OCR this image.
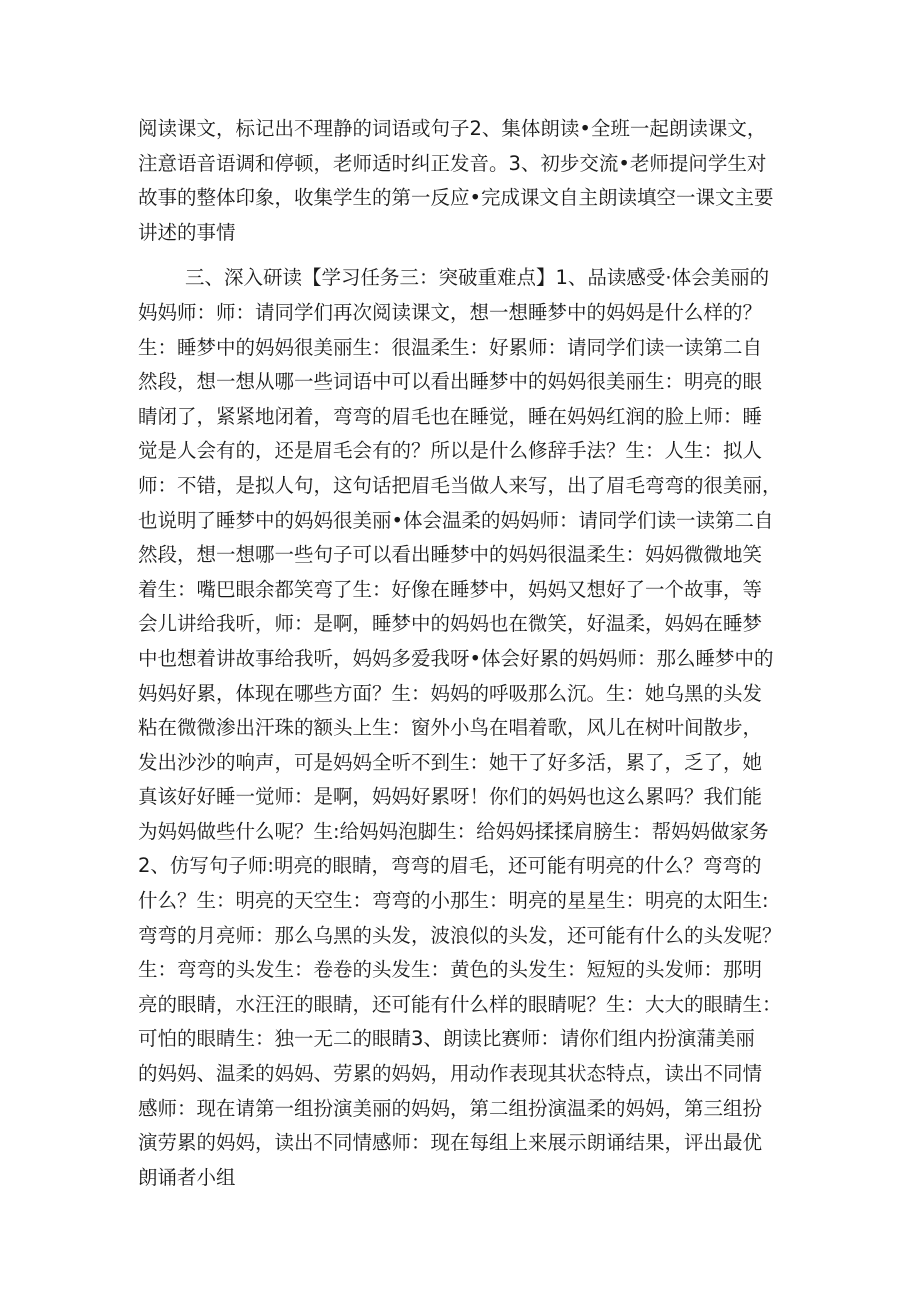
阅读课文，标记出不理静的词语或句子2、集体朗读•全班一起朗读课文，
注意语音语调和停顿，老师适时纠正发音。3、初步交流•老师提问学生对
故事的整体印象，收集学生的第一反应•完成课文自主朗读填空一课文主要
讲述的事情
三、深入研读【学习任务三：突破重难点】1、品读感受·体会美丽的
妈妈师：师：请同学们再次阅读课文，想一想睡梦中的妈妈是什么样的？
生：睡梦中的妈妈很美丽生：很温柔生：好累师：请同学们读一读第二自
然段，想一想从哪一些词语中可以看出睡梦中的妈妈很美丽生：明亮的眼
睛闭了，紧紧地闭着，弯弯的眉毛也在睡觉，睡在妈妈红润的脸上师：睡
觉是人会有的，还是眉毛会有的？所以是什么修辞手法？生：人生：拟人
师：不错，是拟人句，这句话把眉毛当做人来写，出了眉毛弯弯的很美丽，
也说明了睡梦中的妈妈很美丽•体会温柔的妈妈师：请同学们读一读第二自
然段，想一想哪一些句子可以看出睡梦中的妈妈很温柔生：妈妈微微地笑
着生：嘴巴眼余都笑弯了生：好像在睡梦中，妈妈又想好了一个故事，等
会儿讲给我听，师：是啊，睡梦中的妈妈也在微笑，好温柔，妈妈在睡梦
中也想着讲故事给我听，妈妈多爱我呀•体会好累的妈妈师：那么睡梦中的
妈妈好累，体现在哪些方面？生：妈妈的呼吸那么沉。生：她乌黑的头发
粘在微微渗出汗珠的额头上生：窗外小鸟在唱着歌，风儿在树叶间散步，
发出沙沙的响声，可是妈妈全听不到生：她干了好多活，累了，乏了，她
真该好好睡一觉师：是啊，妈妈好累呀！你们的妈妈也这么累吗？我们能
为妈妈做些什么呢？生:给妈妈泡脚生：给妈妈揉揉肩膀生：帮妈妈做家务
2、仿写句子师:明亮的眼睛，弯弯的眉毛，还可能有明亮的什么？弯弯的
什么？生：明亮的天空生：弯弯的小那生：明亮的星星生：明亮的太阳生:
弯弯的月亮师：那么乌黑的头发，波浪似的头发，还可能有什么的头发呢？
生：弯弯的头发生：卷卷的头发生：黄色的头发生：短短的头发师：那明
亮的眼睛，水汪汪的眼睛，还可能有什么样的眼睛呢？生：大大的眼睛生：
可怕的眼睛生：独一无二的眼睛3、朗读比赛师：请你们组内扮演蒲美丽
的妈妈、温柔的妈妈、劳累的妈妈，用动作表现其状态特点，读出不同情
感师：现在请第一组扮演美丽的妈妈，第二组扮演温柔的妈妈，第三组扮
演劳累的妈妈，读出不同情感师：现在每组上来展示朗诵结果，评出最优
朗诵者小组
